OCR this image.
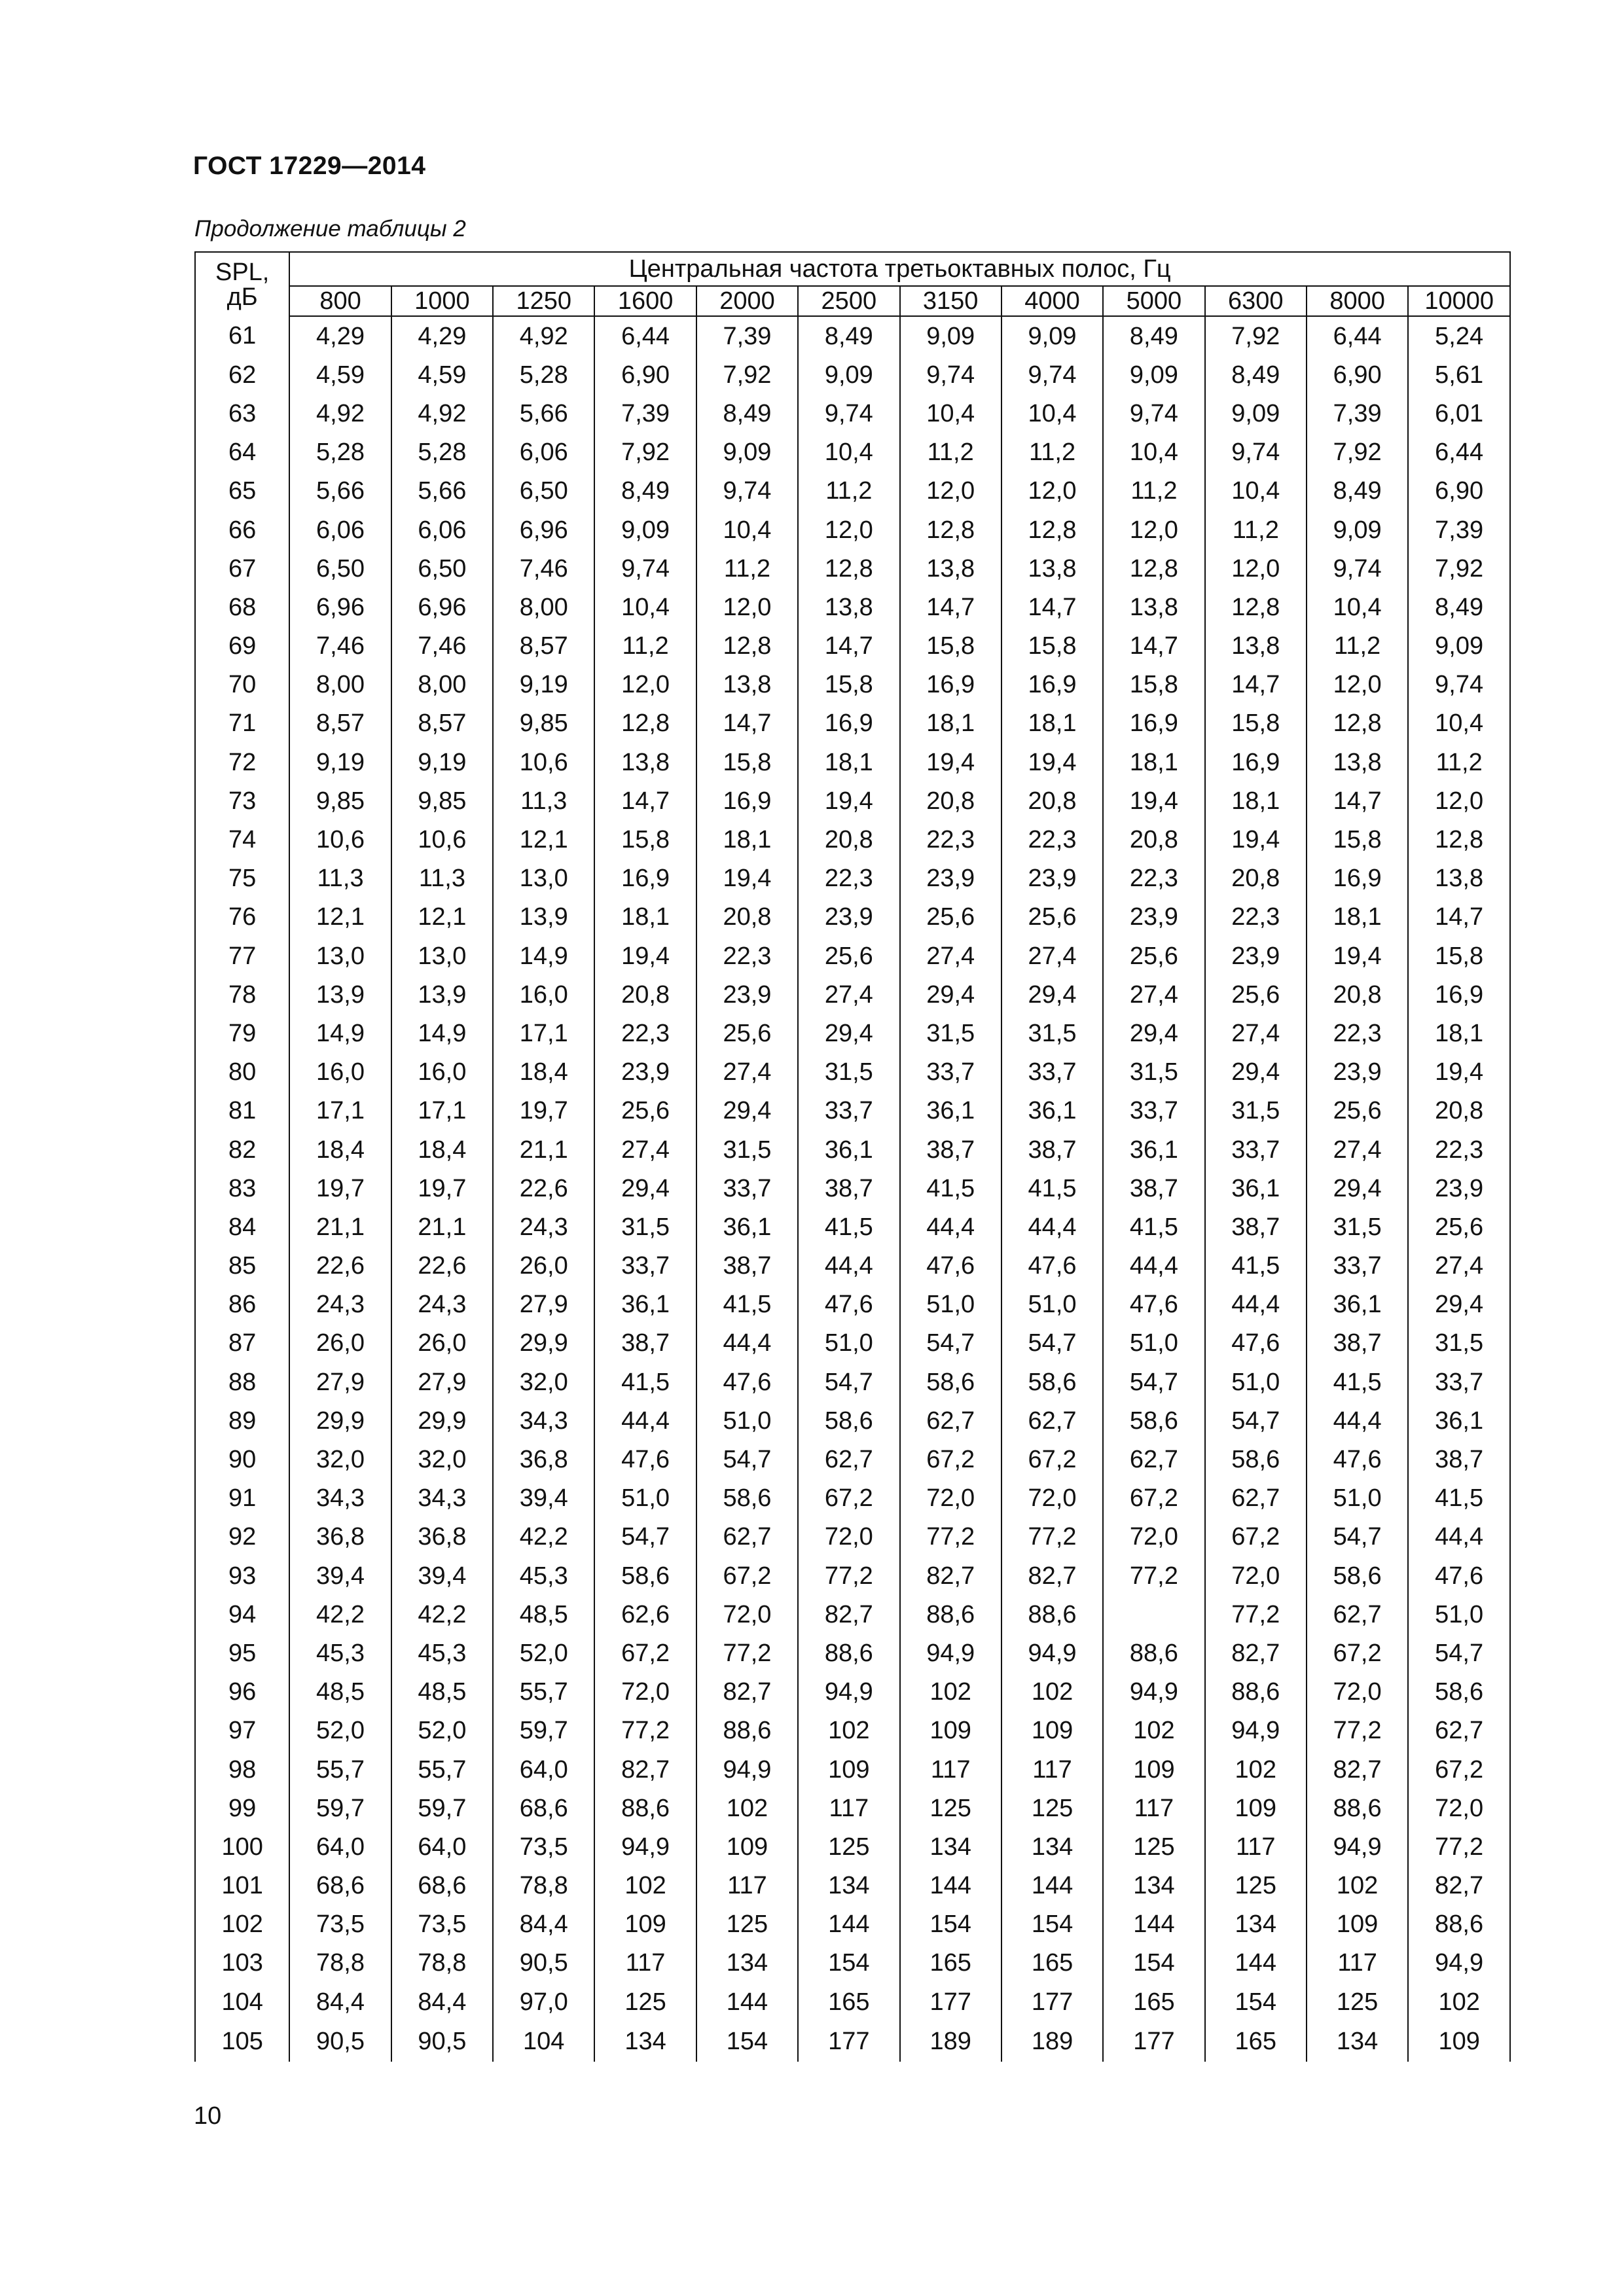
ГОСТ 17229—2014
Продолжение таблицы 2
SPL,
дБ	Центральная частота третьоктавных полос, Гц											
	800	1000	1250	1600	2000	2500	3150	4000	5000	6300	8000	10000
61	4,29	4,29	4,92	6,44	7,39	8,49	9,09	9,09	8,49	7,92	6,44	5,24
62	4,59	4,59	5,28	6,90	7,92	9,09	9,74	9,74	9,09	8,49	6,90	5,61
63	4,92	4,92	5,66	7,39	8,49	9,74	10,4	10,4	9,74	9,09	7,39	6,01
64	5,28	5,28	6,06	7,92	9,09	10,4	11,2	11,2	10,4	9,74	7,92	6,44
65	5,66	5,66	6,50	8,49	9,74	11,2	12,0	12,0	11,2	10,4	8,49	6,90
66	6,06	6,06	6,96	9,09	10,4	12,0	12,8	12,8	12,0	11,2	9,09	7,39
67	6,50	6,50	7,46	9,74	11,2	12,8	13,8	13,8	12,8	12,0	9,74	7,92
68	6,96	6,96	8,00	10,4	12,0	13,8	14,7	14,7	13,8	12,8	10,4	8,49
69	7,46	7,46	8,57	11,2	12,8	14,7	15,8	15,8	14,7	13,8	11,2	9,09
70	8,00	8,00	9,19	12,0	13,8	15,8	16,9	16,9	15,8	14,7	12,0	9,74
71	8,57	8,57	9,85	12,8	14,7	16,9	18,1	18,1	16,9	15,8	12,8	10,4
72	9,19	9,19	10,6	13,8	15,8	18,1	19,4	19,4	18,1	16,9	13,8	11,2
73	9,85	9,85	11,3	14,7	16,9	19,4	20,8	20,8	19,4	18,1	14,7	12,0
74	10,6	10,6	12,1	15,8	18,1	20,8	22,3	22,3	20,8	19,4	15,8	12,8
75	11,3	11,3	13,0	16,9	19,4	22,3	23,9	23,9	22,3	20,8	16,9	13,8
76	12,1	12,1	13,9	18,1	20,8	23,9	25,6	25,6	23,9	22,3	18,1	14,7
77	13,0	13,0	14,9	19,4	22,3	25,6	27,4	27,4	25,6	23,9	19,4	15,8
78	13,9	13,9	16,0	20,8	23,9	27,4	29,4	29,4	27,4	25,6	20,8	16,9
79	14,9	14,9	17,1	22,3	25,6	29,4	31,5	31,5	29,4	27,4	22,3	18,1
80	16,0	16,0	18,4	23,9	27,4	31,5	33,7	33,7	31,5	29,4	23,9	19,4
81	17,1	17,1	19,7	25,6	29,4	33,7	36,1	36,1	33,7	31,5	25,6	20,8
82	18,4	18,4	21,1	27,4	31,5	36,1	38,7	38,7	36,1	33,7	27,4	22,3
83	19,7	19,7	22,6	29,4	33,7	38,7	41,5	41,5	38,7	36,1	29,4	23,9
84	21,1	21,1	24,3	31,5	36,1	41,5	44,4	44,4	41,5	38,7	31,5	25,6
85	22,6	22,6	26,0	33,7	38,7	44,4	47,6	47,6	44,4	41,5	33,7	27,4
86	24,3	24,3	27,9	36,1	41,5	47,6	51,0	51,0	47,6	44,4	36,1	29,4
87	26,0	26,0	29,9	38,7	44,4	51,0	54,7	54,7	51,0	47,6	38,7	31,5
88	27,9	27,9	32,0	41,5	47,6	54,7	58,6	58,6	54,7	51,0	41,5	33,7
89	29,9	29,9	34,3	44,4	51,0	58,6	62,7	62,7	58,6	54,7	44,4	36,1
90	32,0	32,0	36,8	47,6	54,7	62,7	67,2	67,2	62,7	58,6	47,6	38,7
91	34,3	34,3	39,4	51,0	58,6	67,2	72,0	72,0	67,2	62,7	51,0	41,5
92	36,8	36,8	42,2	54,7	62,7	72,0	77,2	77,2	72,0	67,2	54,7	44,4
93	39,4	39,4	45,3	58,6	67,2	77,2	82,7	82,7	77,2	72,0	58,6	47,6
94	42,2	42,2	48,5	62,6	72,0	82,7	88,6	88,6		77,2	62,7	51,0
95	45,3	45,3	52,0	67,2	77,2	88,6	94,9	94,9	88,6	82,7	67,2	54,7
96	48,5	48,5	55,7	72,0	82,7	94,9	102	102	94,9	88,6	72,0	58,6
97	52,0	52,0	59,7	77,2	88,6	102	109	109	102	94,9	77,2	62,7
98	55,7	55,7	64,0	82,7	94,9	109	117	117	109	102	82,7	67,2
99	59,7	59,7	68,6	88,6	102	117	125	125	117	109	88,6	72,0
100	64,0	64,0	73,5	94,9	109	125	134	134	125	117	94,9	77,2
101	68,6	68,6	78,8	102	117	134	144	144	134	125	102	82,7
102	73,5	73,5	84,4	109	125	144	154	154	144	134	109	88,6
103	78,8	78,8	90,5	117	134	154	165	165	154	144	117	94,9
104	84,4	84,4	97,0	125	144	165	177	177	165	154	125	102
105	90,5	90,5	104	134	154	177	189	189	177	165	134	109
10
